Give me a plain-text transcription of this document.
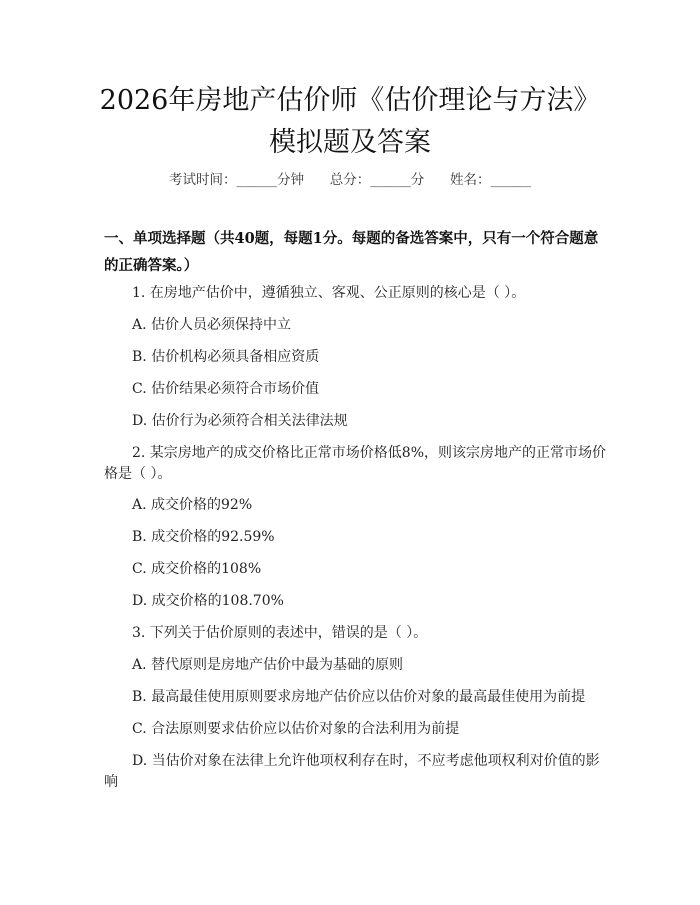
2026年房地产估价师《估价理论与方法》模拟题及答案
考试时间：______分钟 总分：______分 姓名：______
一、单项选择题（共40题，每题1分。每题的备选答案中，只有一个符合题意的正确答案。）
1. 在房地产估价中，遵循独立、客观、公正原则的核心是（ ）。
A. 估价人员必须保持中立
B. 估价机构必须具备相应资质
C. 估价结果必须符合市场价值
D. 估价行为必须符合相关法律法规
2. 某宗房地产的成交价格比正常市场价格低8%，则该宗房地产的正常市场价
格是（ ）。
A. 成交价格的92%
B. 成交价格的92.59%
C. 成交价格的108%
D. 成交价格的108.70%
3. 下列关于估价原则的表述中，错误的是（ ）。
A. 替代原则是房地产估价中最为基础的原则
B. 最高最佳使用原则要求房地产估价应以估价对象的最高最佳使用为前提
C. 合法原则要求估价应以估价对象的合法利用为前提
D. 当估价对象在法律上允许他项权利存在时，不应考虑他项权利对价值的影
响
